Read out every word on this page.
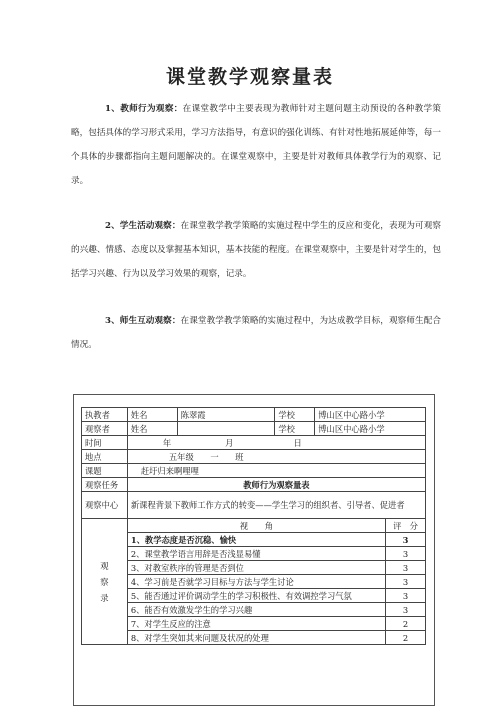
课堂教学观察量表
1、教师行为观察：在课堂教学中主要表现为教师针对主题问题主动预设的各种教学策略，包括具体的学习形式采用，学习方法指导，有意识的强化训练、有针对性地拓展延伸等，每一个具体的步骤都指向主题问题解决的。在课堂观察中，主要是针对教师具体教学行为的观察、记录。
2、学生活动观察：在课堂教学教学策略的实施过程中学生的反应和变化，表现为可观察的兴趣、情感、态度以及掌握基本知识，基本技能的程度。在课堂观察中，主要是针对学生的，包括学习兴趣、行为以及学习效果的观察，记录。
3、师生互动观察：在课堂教学教学策略的实施过程中，为达成教学目标，观察师生配合情况。
执教者	姓名	陈翠霞	学校	博山区中心路小学	
观察者	姓名		学校	博山区中心路小学	
时间	年 月 日				
地点	五年级　　一　　班				
课题	赶圩归来啊哩哩				
观察任务	教师行为观察量表				
观察中心	新课程背景下教师工作方式的转变——学生学习的组织者、引导者、促进者				
观察录	视　　角				评　分
	1、教学态度是否沉稳、愉快				3
	2、课堂教学语言用辞是否浅显易懂				3
	3、对教室秩序的管理是否到位				3
	4、学习前是否就学习目标与方法与学生讨论				3
	5、能否通过评价调动学生的学习积极性、有效调控学习气氛				3
	6、能否有效激发学生的学习兴趣				3
	7、对学生反应的注意				2
	8、对学生突如其来问题及状况的处理				2
